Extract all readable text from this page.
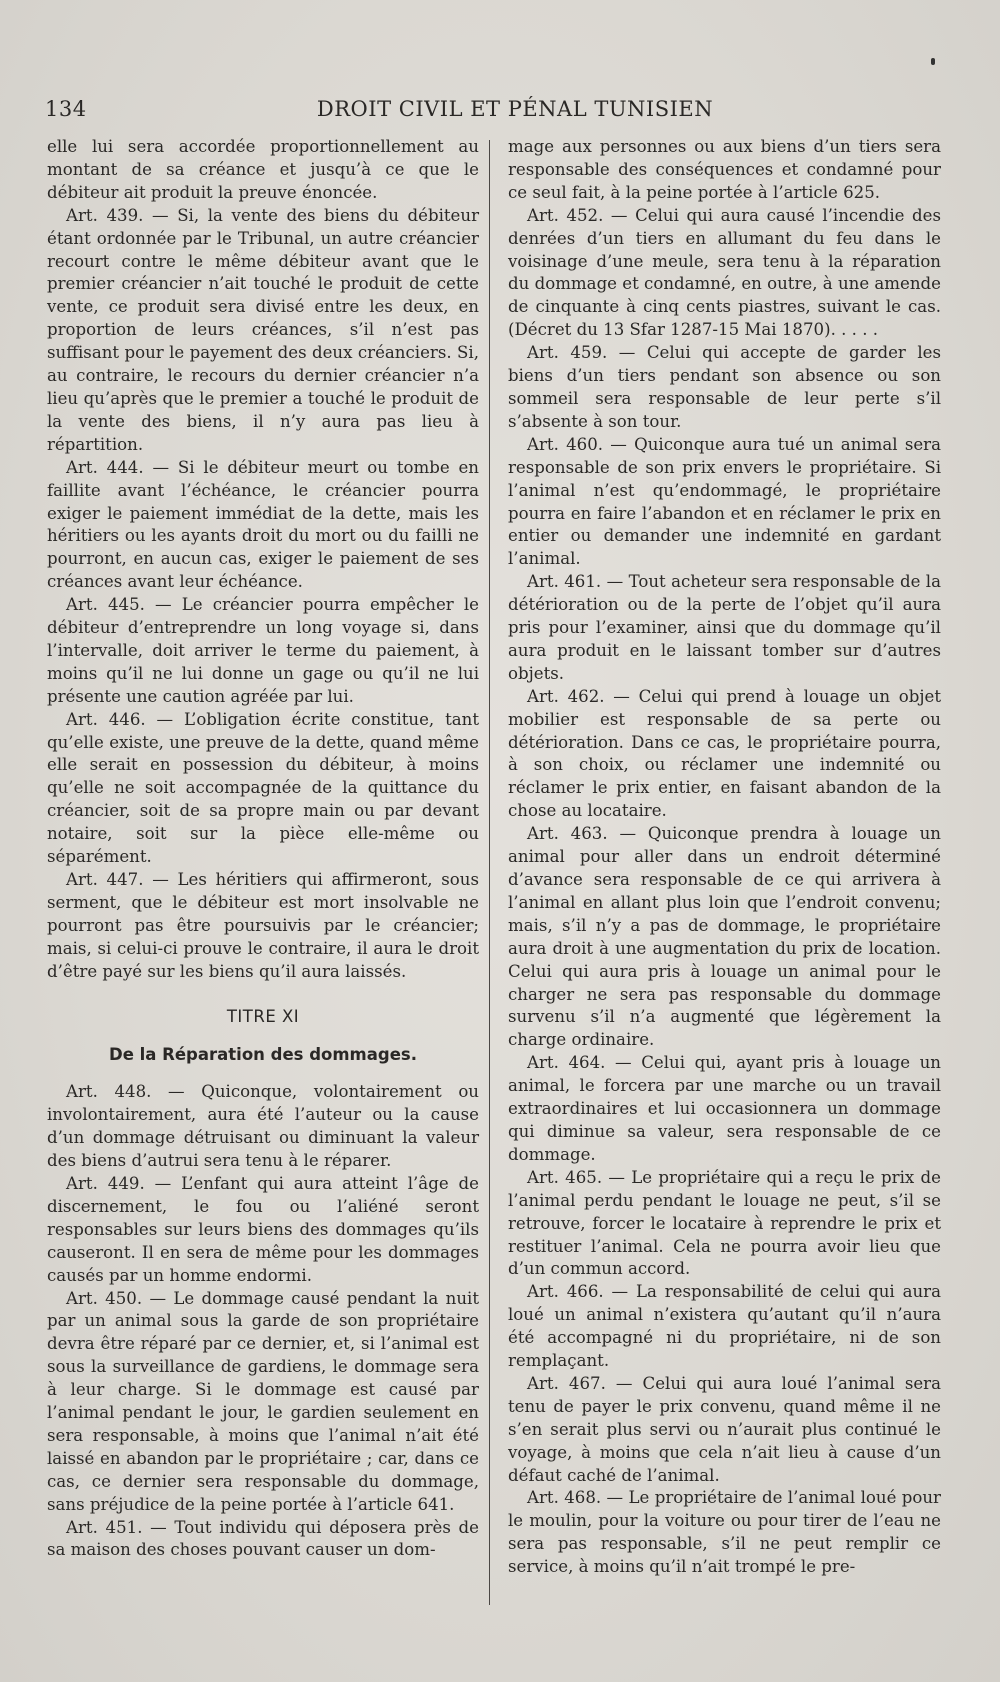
134	DROIT CIVIL ET PÉNAL TUNISIEN

elle lui sera accordée proportionnellement au montant de sa créance et jusqu’à ce que le débiteur ait produit la preuve énoncée.

Art. 439. — Si, la vente des biens du débiteur étant ordonnée par le Tribunal, un autre créancier recourt contre le même débiteur avant que le premier créancier n’ait touché le produit de cette vente, ce produit sera divisé entre les deux, en proportion de leurs créances, s’il n’est pas suffisant pour le payement des deux créanciers. Si, au contraire, le recours du dernier créancier n’a lieu qu’après que le premier a touché le produit de la vente des biens, il n’y aura pas lieu à répartition.

Art. 444. — Si le débiteur meurt ou tombe en faillite avant l’échéance, le créancier pourra exiger le paiement immédiat de la dette, mais les héritiers ou les ayants droit du mort ou du failli ne pourront, en aucun cas, exiger le paiement de ses créances avant leur échéance.

Art. 445. — Le créancier pourra empêcher le débiteur d’entreprendre un long voyage si, dans l’intervalle, doit arriver le terme du paiement, à moins qu’il ne lui donne un gage ou qu’il ne lui présente une caution agréée par lui.

Art. 446. — L’obligation écrite constitue, tant qu’elle existe, une preuve de la dette, quand même elle serait en possession du débiteur, à moins qu’elle ne soit accompagnée de la quittance du créancier, soit de sa propre main ou par devant notaire, soit sur la pièce elle-même ou séparément.

Art. 447. — Les héritiers qui affirmeront, sous serment, que le débiteur est mort insolvable ne pourront pas être poursuivis par le créancier; mais, si celui-ci prouve le contraire, il aura le droit d’être payé sur les biens qu’il aura laissés.

TITRE XI
De la Réparation des dommages.

Art. 448. — Quiconque, volontairement ou involontairement, aura été l’auteur ou la cause d’un dommage détruisant ou diminuant la valeur des biens d’autrui sera tenu à le réparer.

Art. 449. — L’enfant qui aura atteint l’âge de discernement, le fou ou l’aliéné seront responsables sur leurs biens des dommages qu’ils causeront. Il en sera de même pour les dommages causés par un homme endormi.

Art. 450. — Le dommage causé pendant la nuit par un animal sous la garde de son propriétaire devra être réparé par ce dernier, et, si l’animal est sous la surveillance de gardiens, le dommage sera à leur charge. Si le dommage est causé par l’animal pendant le jour, le gardien seulement en sera responsable, à moins que l’animal n’ait été laissé en abandon par le propriétaire ; car, dans ce cas, ce dernier sera responsable du dommage, sans préjudice de la peine portée à l’article 641.

Art. 451. — Tout individu qui déposera près de sa maison des choses pouvant causer un dom-

mage aux personnes ou aux biens d’un tiers sera responsable des conséquences et condamné pour ce seul fait, à la peine portée à l’article 625.

Art. 452. — Celui qui aura causé l’incendie des denrées d’un tiers en allumant du feu dans le voisinage d’une meule, sera tenu à la réparation du dommage et condamné, en outre, à une amende de cinquante à cinq cents piastres, suivant le cas. (Décret du 13 Sfar 1287-15 Mai 1870). . . . .

Art. 459. — Celui qui accepte de garder les biens d’un tiers pendant son absence ou son sommeil sera responsable de leur perte s’il s’absente à son tour.

Art. 460. — Quiconque aura tué un animal sera responsable de son prix envers le propriétaire. Si l’animal n’est qu’endommagé, le propriétaire pourra en faire l’abandon et en réclamer le prix en entier ou demander une indemnité en gardant l’animal.

Art. 461. — Tout acheteur sera responsable de la détérioration ou de la perte de l’objet qu’il aura pris pour l’examiner, ainsi que du dommage qu’il aura produit en le laissant tomber sur d’autres objets.

Art. 462. — Celui qui prend à louage un objet mobilier est responsable de sa perte ou détérioration. Dans ce cas, le propriétaire pourra, à son choix, ou réclamer une indemnité ou réclamer le prix entier, en faisant abandon de la chose au locataire.

Art. 463. — Quiconque prendra à louage un animal pour aller dans un endroit déterminé d’avance sera responsable de ce qui arrivera à l’animal en allant plus loin que l’endroit convenu; mais, s’il n’y a pas de dommage, le propriétaire aura droit à une augmentation du prix de location. Celui qui aura pris à louage un animal pour le charger ne sera pas responsable du dommage survenu s’il n’a augmenté que légèrement la charge ordinaire.

Art. 464. — Celui qui, ayant pris à louage un animal, le forcera par une marche ou un travail extraordinaires et lui occasionnera un dommage qui diminue sa valeur, sera responsable de ce dommage.

Art. 465. — Le propriétaire qui a reçu le prix de l’animal perdu pendant le louage ne peut, s’il se retrouve, forcer le locataire à reprendre le prix et restituer l’animal. Cela ne pourra avoir lieu que d’un commun accord.

Art. 466. — La responsabilité de celui qui aura loué un animal n’existera qu’autant qu’il n’aura été accompagné ni du propriétaire, ni de son remplaçant.

Art. 467. — Celui qui aura loué l’animal sera tenu de payer le prix convenu, quand même il ne s’en serait plus servi ou n’aurait plus continué le voyage, à moins que cela n’ait lieu à cause d’un défaut caché de l’animal.

Art. 468. — Le propriétaire de l’animal loué pour le moulin, pour la voiture ou pour tirer de l’eau ne sera pas responsable, s’il ne peut remplir ce service, à moins qu’il n’ait trompé le pre-
